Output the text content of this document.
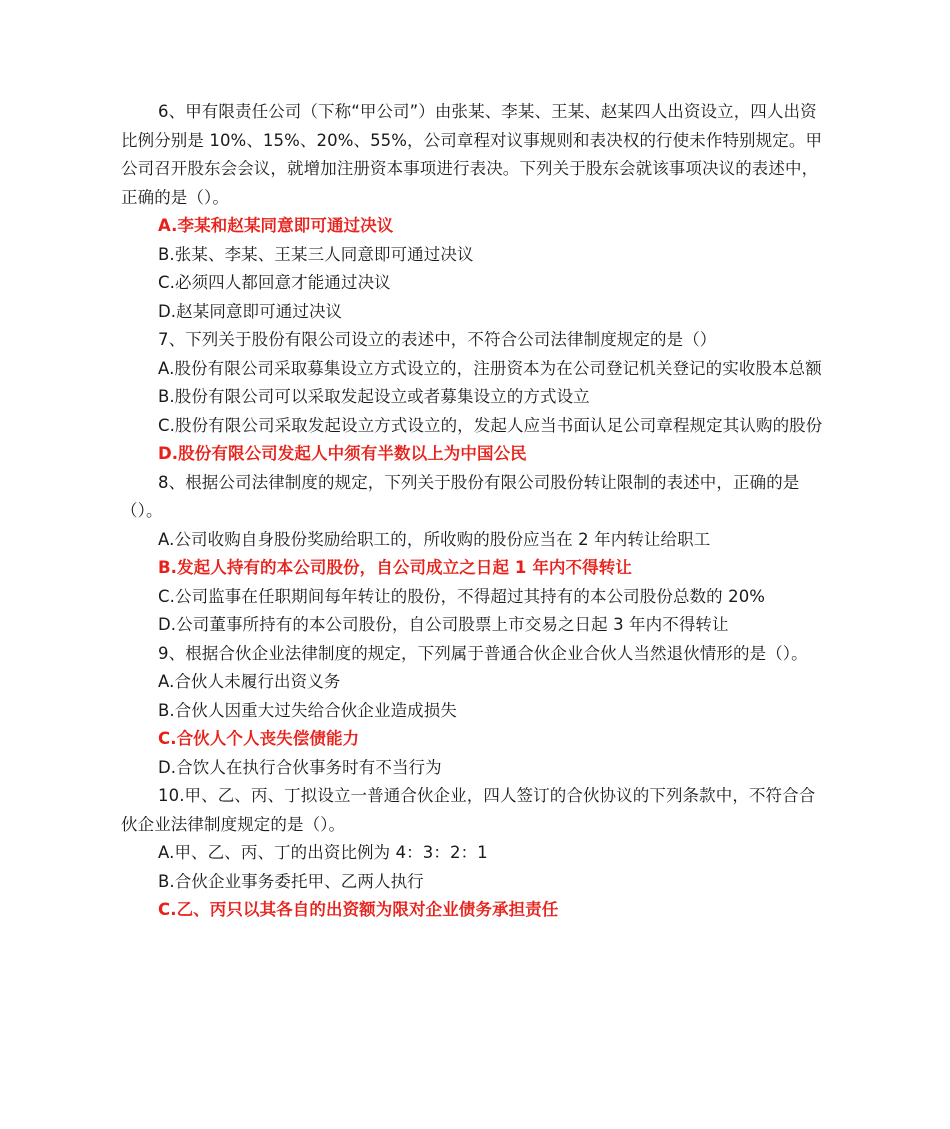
6、甲有限责任公司（下称“甲公司”）由张某、李某、王某、赵某四人出资设立，四人出资比例分别是 10%、15%、20%、55%，公司章程对议事规则和表决权的行使未作特别规定。甲公司召开股东会会议，就增加注册资本事项进行表决。下列关于股东会就该事项决议的表述中，正确的是（）。

A.李某和赵某同意即可通过决议

B.张某、李某、王某三人同意即可通过决议

C.必须四人都回意才能通过决议

D.赵某同意即可通过决议

7、下列关于股份有限公司设立的表述中，不符合公司法律制度规定的是（）

A.股份有限公司采取募集设立方式设立的，注册资本为在公司登记机关登记的实收股本总额

B.股份有限公司可以采取发起设立或者募集设立的方式设立

C.股份有限公司采取发起设立方式设立的，发起人应当书面认足公司章程规定其认购的股份

D.股份有限公司发起人中须有半数以上为中国公民

8、根据公司法律制度的规定，下列关于股份有限公司股份转让限制的表述中，正确的是（）。

A.公司收购自身股份奖励给职工的，所收购的股份应当在 2 年内转让给职工

B.发起人持有的本公司股份，自公司成立之日起 1 年内不得转让

C.公司监事在任职期间每年转让的股份，不得超过其持有的本公司股份总数的 20%

D.公司董事所持有的本公司股份，自公司股票上市交易之日起 3 年内不得转让

9、根据合伙企业法律制度的规定，下列属于普通合伙企业合伙人当然退伙情形的是（）。

A.合伙人未履行出资义务

B.合伙人因重大过失给合伙企业造成损失

C.合伙人个人丧失偿债能力

D.合饮人在执行合伙事务时有不当行为

10.甲、乙、丙、丁拟设立一普通合伙企业，四人签订的合伙协议的下列条款中，不符合合伙企业法律制度规定的是（）。

A.甲、乙、丙、丁的出资比例为 4：3：2：1

B.合伙企业事务委托甲、乙两人执行

C.乙、丙只以其各自的出资额为限对企业债务承担责任
